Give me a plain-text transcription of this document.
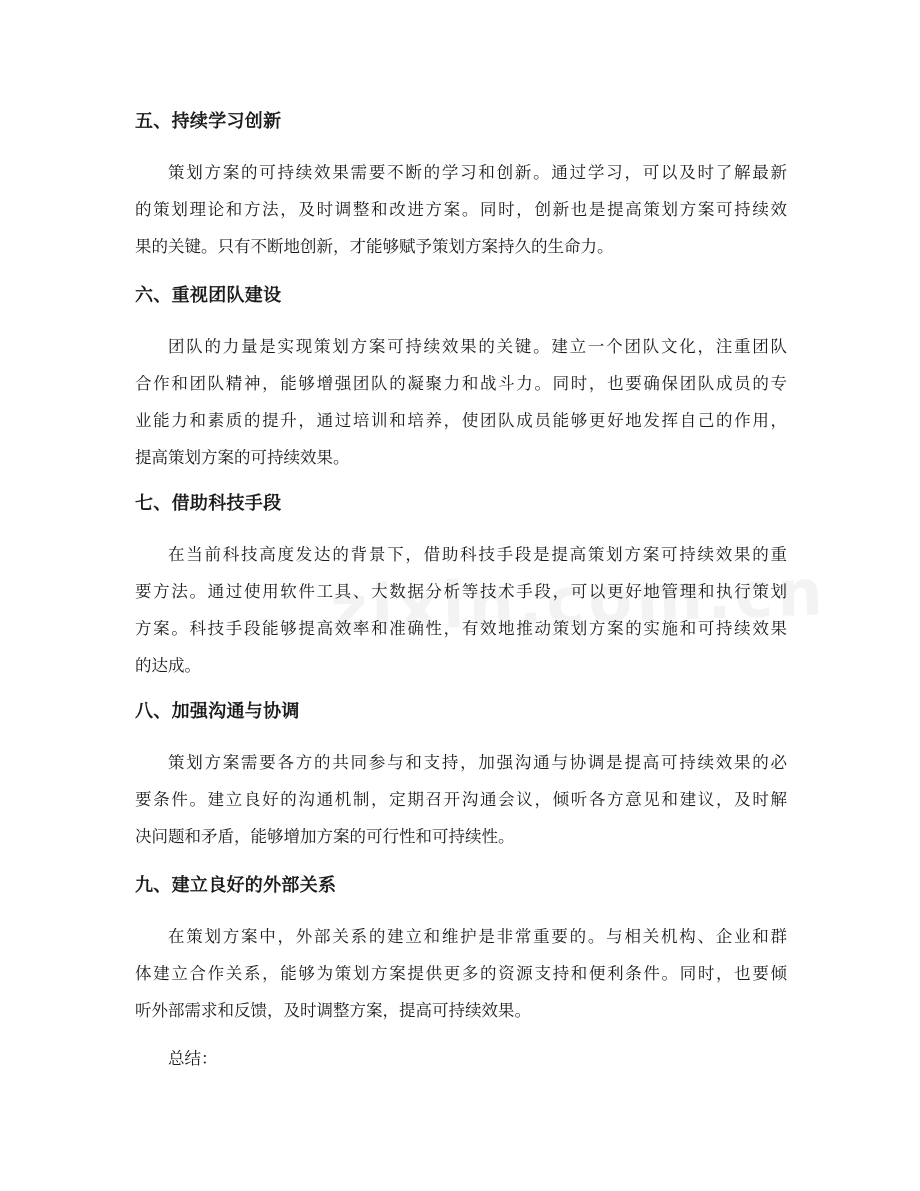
五、持续学习创新
策划方案的可持续效果需要不断的学习和创新。通过学习，可以及时了解最新
的策划理论和方法，及时调整和改进方案。同时，创新也是提高策划方案可持续效
果的关键。只有不断地创新，才能够赋予策划方案持久的生命力。
六、重视团队建设
团队的力量是实现策划方案可持续效果的关键。建立一个团队文化，注重团队
合作和团队精神，能够增强团队的凝聚力和战斗力。同时，也要确保团队成员的专
业能力和素质的提升，通过培训和培养，使团队成员能够更好地发挥自己的作用，
提高策划方案的可持续效果。
七、借助科技手段
在当前科技高度发达的背景下，借助科技手段是提高策划方案可持续效果的重
要方法。通过使用软件工具、大数据分析等技术手段，可以更好地管理和执行策划
方案。科技手段能够提高效率和准确性，有效地推动策划方案的实施和可持续效果
的达成。
八、加强沟通与协调
策划方案需要各方的共同参与和支持，加强沟通与协调是提高可持续效果的必
要条件。建立良好的沟通机制，定期召开沟通会议，倾听各方意见和建议，及时解
决问题和矛盾，能够增加方案的可行性和可持续性。
九、建立良好的外部关系
在策划方案中，外部关系的建立和维护是非常重要的。与相关机构、企业和群
体建立合作关系，能够为策划方案提供更多的资源支持和便利条件。同时，也要倾
听外部需求和反馈，及时调整方案，提高可持续效果。

总结：
